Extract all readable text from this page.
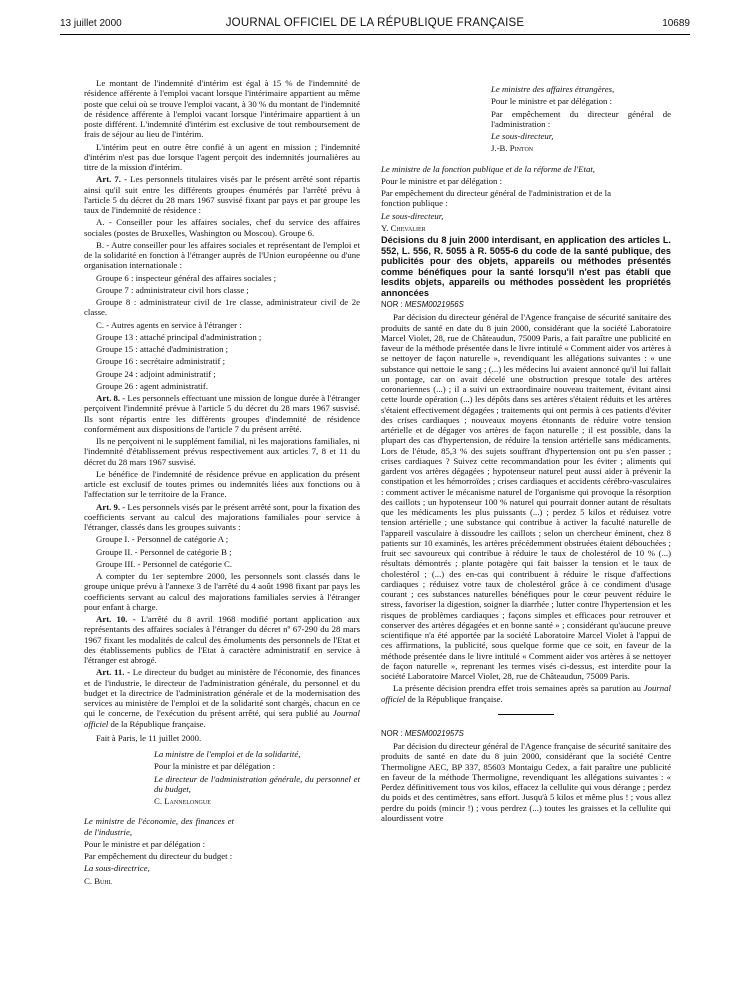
13 juillet 2000	JOURNAL OFFICIEL DE LA RÉPUBLIQUE FRANÇAISE	10689

Le montant de l'indemnité d'intérim est égal à 15 % de l'indemnité de résidence afférente à l'emploi vacant lorsque l'intérimaire appartient au même poste que celui où se trouve l'emploi vacant, à 30 % du montant de l'indemnité de résidence afférente à l'emploi vacant lorsque l'intérimaire appartient à un poste différent. L'indemnité d'intérim est exclusive de tout remboursement de frais de séjour au lieu de l'intérim.

L'intérim peut en outre être confié à un agent en mission ; l'indemnité d'intérim n'est pas due lorsque l'agent perçoit des indemnités journalières au titre de la mission d'intérim.

Art. 7. - Les personnels titulaires visés par le présent arrêté sont répartis ainsi qu'il suit entre les différents groupes énumérés par l'arrêté prévu à l'article 5 du décret du 28 mars 1967 susvisé fixant par pays et par groupe les taux de l'indemnité de résidence :

A. - Conseiller pour les affaires sociales, chef du service des affaires sociales (postes de Bruxelles, Washington ou Moscou). Groupe 6.

B. - Autre conseiller pour les affaires sociales et représentant de l'emploi et de la solidarité en fonction à l'étranger auprès de l'Union européenne ou d'une organisation internationale :

Groupe 6 : inspecteur général des affaires sociales ;

Groupe 7 : administrateur civil hors classe ;

Groupe 8 : administrateur civil de 1re classe, administrateur civil de 2e classe.

C. - Autres agents en service à l'étranger :

Groupe 13 : attaché principal d'administration ;

Groupe 15 : attaché d'administration ;

Groupe 16 : secrétaire administratif ;

Groupe 24 : adjoint administratif ;

Groupe 26 : agent administratif.

Art. 8. - Les personnels effectuant une mission de longue durée à l'étranger perçoivent l'indemnité prévue à l'article 5 du décret du 28 mars 1967 susvisé. Ils sont répartis entre les différents groupes d'indemnité de résidence conformément aux dispositions de l'article 7 du présent arrêté.

Ils ne perçoivent ni le supplément familial, ni les majorations familiales, ni l'indemnité d'établissement prévus respectivement aux articles 7, 8 et 11 du décret du 28 mars 1967 susvisé.

Le bénéfice de l'indemnité de résidence prévue en application du présent article est exclusif de toutes primes ou indemnités liées aux fonctions ou à l'affectation sur le territoire de la France.

Art. 9. - Les personnels visés par le présent arrêté sont, pour la fixation des coefficients servant au calcul des majorations familiales pour service à l'étranger, classés dans les groupes suivants :

Groupe I. - Personnel de catégorie A ;

Groupe II. - Personnel de catégorie B ;

Groupe III. - Personnel de catégorie C.

A compter du 1er septembre 2000, les personnels sont classés dans le groupe unique prévu à l'annexe 3 de l'arrêté du 4 août 1998 fixant par pays les coefficients servant au calcul des majorations familiales servies à l'étranger pour enfant à charge.

Art. 10. - L'arrêté du 8 avril 1968 modifié portant application aux représentants des affaires sociales à l'étranger du décret nº 67-290 du 28 mars 1967 fixant les modalités de calcul des émoluments des personnels de l'Etat et des établissements publics de l'Etat à caractère administratif en service à l'étranger est abrogé.

Art. 11. - Le directeur du budget au ministère de l'économie, des finances et de l'industrie, le directeur de l'administration générale, du personnel et du budget et la directrice de l'administration générale et de la modernisation des services au ministère de l'emploi et de la solidarité sont chargés, chacun en ce qui le concerne, de l'exécution du présent arrêté, qui sera publié au Journal officiel de la République française.

Fait à Paris, le 11 juillet 2000.

La ministre de l'emploi et de la solidarité,

Pour la ministre et par délégation :

Le directeur de l'administration générale, du personnel et du budget,

C. Lannelongue

Le ministre de l'économie, des finances et de l'industrie,

Pour le ministre et par délégation :

Par empêchement du directeur du budget :

La sous-directrice,

C. Buhl

Le ministre des affaires étrangères,

Pour le ministre et par délégation :

Par empêchement du directeur général de l'administration :

Le sous-directeur,

J.-B. Pinton

Le ministre de la fonction publique et de la réforme de l'Etat,

Pour le ministre et par délégation :

Par empêchement du directeur général de l'administration et de la fonction publique :

Le sous-directeur,

Y. Chevalier

Décisions du 8 juin 2000 interdisant, en application des articles L. 552, L. 556, R. 5055 à R. 5055-6 du code de la santé publique, des publicités pour des objets, appareils ou méthodes présentés comme bénéfiques pour la santé lorsqu'il n'est pas établi que lesdits objets, appareils ou méthodes possèdent les propriétés annoncées

NOR : MESM0021956S

Par décision du directeur général de l'Agence française de sécurité sanitaire des produits de santé en date du 8 juin 2000, considérant que la société Laboratoire Marcel Violet, 28, rue de Châteaudun, 75009 Paris, a fait paraître une publicité en faveur de la méthode présentée dans le livre intitulé « Comment aider vos artères à se nettoyer de façon naturelle », revendiquant les allégations suivantes : « une substance qui nettoie le sang ; (...) les médecins lui avaient annoncé qu'il lui fallait un pontage, car on avait décelé une obstruction presque totale des artères coronariennes (...) ; il a suivi un extraordinaire nouveau traitement, évitant ainsi cette lourde opération (...) les dépôts dans ses artères s'étaient réduits et les artères s'étaient effectivement dégagées ; traitements qui ont permis à ces patients d'éviter des crises cardiaques ; nouveaux moyens étonnants de réduire votre tension artérielle et de dégager vos artères de façon naturelle ; il est possible, dans la plupart des cas d'hypertension, de réduire la tension artérielle sans médicaments. Lors de l'étude, 85,3 % des sujets souffrant d'hypertension ont pu s'en passer ; crises cardiaques ? Suivez cette recommandation pour les éviter ; aliments qui gardent vos artères dégagées ; hypotenseur naturel peut aussi aider à prévenir la constipation et les hémorroïdes ; crises cardiaques et accidents cérébro-vasculaires : comment activer le mécanisme naturel de l'organisme qui provoque la résorption des caillots ; un hypotenseur 100 % naturel qui pourrait donner autant de résultats que les médicaments les plus puissants (...) ; perdez 5 kilos et réduisez votre tension artérielle ; une substance qui contribue à activer la faculté naturelle de l'appareil vasculaire à dissoudre les caillots ; selon un chercheur éminent, chez 8 patients sur 10 examinés, les artères précédemment obstruées étaient débouchées ; fruit sec savoureux qui contribue à réduire le taux de cholestérol de 10 % (...) résultats démontrés ; plante potagère qui fait baisser la tension et le taux de cholestérol ; (...) des en-cas qui contribuent à réduire le risque d'affections cardiaques ; réduisez votre taux de cholestérol grâce à ce condiment d'usage courant ; ces substances naturelles bénéfiques pour le cœur peuvent réduire le stress, favoriser la digestion, soigner la diarrhée ; lutter contre l'hypertension et les risques de problèmes cardiaques ; façons simples et efficaces pour retrouver et conserver des artères dégagées et en bonne santé » ; considérant qu'aucune preuve scientifique n'a été apportée par la société Laboratoire Marcel Violet à l'appui de ces affirmations, la publicité, sous quelque forme que ce soit, en faveur de la méthode présentée dans le livre intitulé « Comment aider vos artères à se nettoyer de façon naturelle », reprenant les termes visés ci-dessus, est interdite pour la société Laboratoire Marcel Violet, 28, rue de Châteaudun, 75009 Paris.

La présente décision prendra effet trois semaines après sa parution au Journal officiel de la République française.

NOR : MESM0021957S

Par décision du directeur général de l'Agence française de sécurité sanitaire des produits de santé en date du 8 juin 2000, considérant que la société Centre Thermoligne AEC, BP 337, 85603 Montaigu Cedex, a fait paraître une publicité en faveur de la méthode Thermoligne, revendiquant les allégations suivantes : « Perdez définitivement tous vos kilos, effacez la cellulite qui vous dérange ; perdez du poids et des centimètres, sans effort. Jusqu'à 5 kilos et même plus ! ; vous allez perdre du poids (mincir !) ; vous perdrez (...) toutes les graisses et la cellulite qui alourdissent votre
